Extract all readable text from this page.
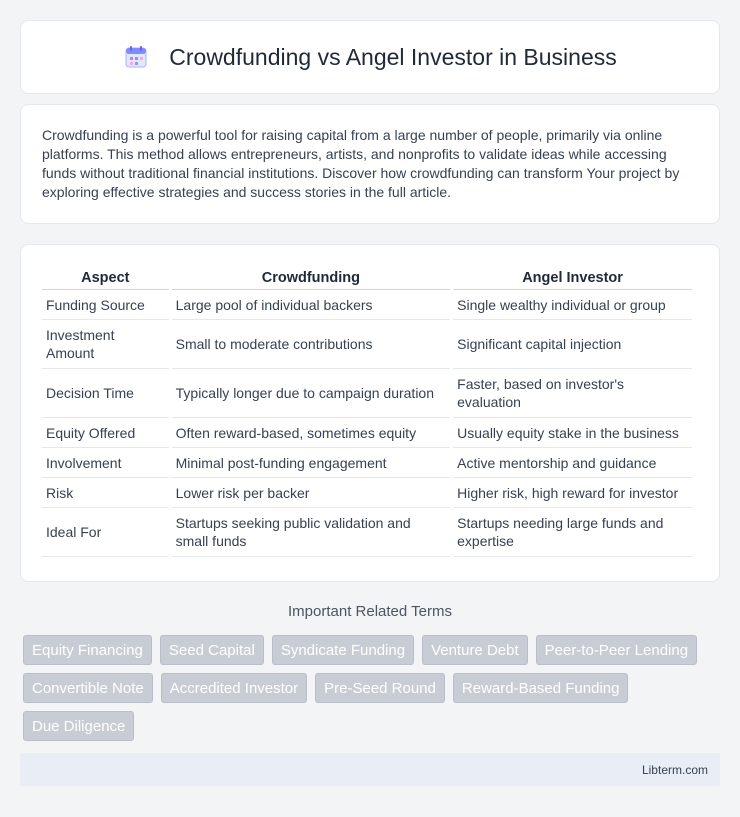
Crowdfunding vs Angel Investor in Business

Crowdfunding is a powerful tool for raising capital from a large number of people, primarily via online platforms. This method allows entrepreneurs, artists, and nonprofits to validate ideas while accessing funds without traditional financial institutions. Discover how crowdfunding can transform Your project by exploring effective strategies and success stories in the full article.

Aspect	Crowdfunding	Angel Investor
Funding Source	Large pool of individual backers	Single wealthy individual or group
Investment Amount	Small to moderate contributions	Significant capital injection
Decision Time	Typically longer due to campaign duration	Faster, based on investor's evaluation
Equity Offered	Often reward-based, sometimes equity	Usually equity stake in the business
Involvement	Minimal post-funding engagement	Active mentorship and guidance
Risk	Lower risk per backer	Higher risk, high reward for investor
Ideal For	Startups seeking public validation and small funds	Startups needing large funds and expertise
Important Related Terms
Equity Financing	Seed Capital	Syndicate Funding	Venture Debt	Peer-to-Peer Lending
Convertible Note	Accredited Investor	Pre-Seed Round	Reward-Based Funding
Due Diligence
Libterm.com
